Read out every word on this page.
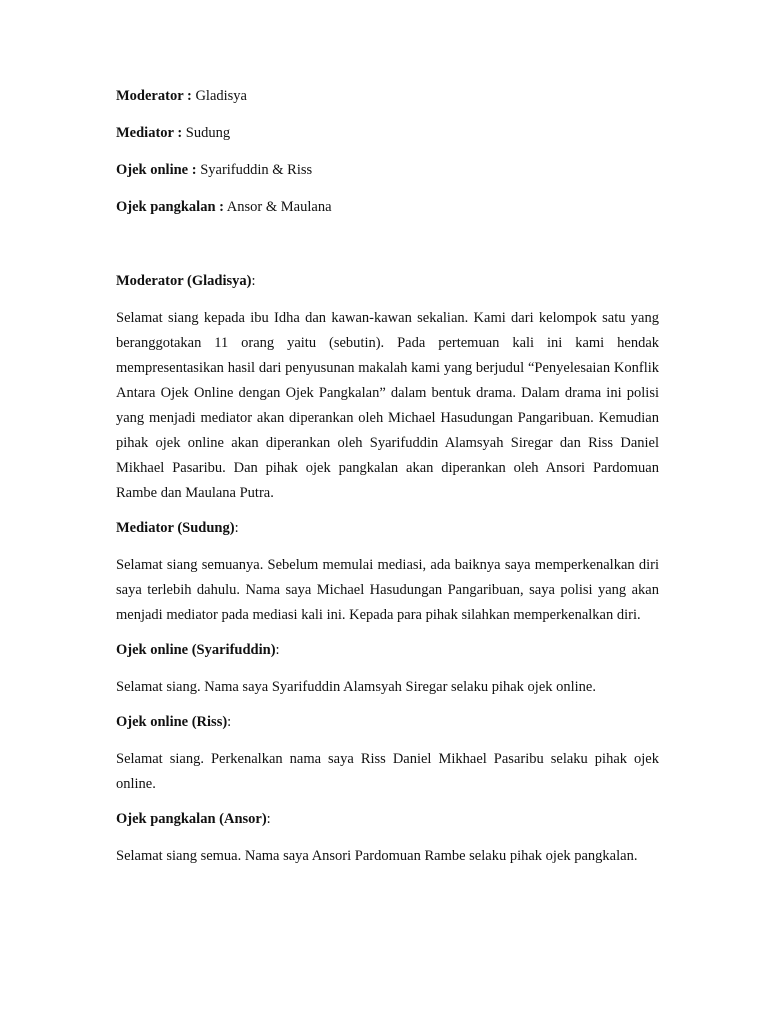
Moderator : Gladisya

Mediator : Sudung

Ojek online : Syarifuddin & Riss

Ojek pangkalan : Ansor & Maulana

Moderator (Gladisya):

Selamat siang kepada ibu Idha dan kawan-kawan sekalian. Kami dari kelompok satu yang beranggotakan 11 orang yaitu (sebutin). Pada pertemuan kali ini kami hendak mempresentasikan hasil dari penyusunan makalah kami yang berjudul “Penyelesaian Konflik Antara Ojek Online dengan Ojek Pangkalan” dalam bentuk drama. Dalam drama ini polisi yang menjadi mediator akan diperankan oleh Michael Hasudungan Pangaribuan. Kemudian pihak ojek online akan diperankan oleh Syarifuddin Alamsyah Siregar dan Riss Daniel Mikhael Pasaribu. Dan pihak ojek pangkalan akan diperankan oleh Ansori Pardomuan Rambe dan Maulana Putra.

Mediator (Sudung):

Selamat siang semuanya. Sebelum memulai mediasi, ada baiknya saya memperkenalkan diri saya terlebih dahulu. Nama saya Michael Hasudungan Pangaribuan, saya polisi yang akan menjadi mediator pada mediasi kali ini. Kepada para pihak silahkan memperkenalkan diri.

Ojek online (Syarifuddin):

Selamat siang. Nama saya Syarifuddin Alamsyah Siregar selaku pihak ojek online.

Ojek online (Riss):

Selamat siang. Perkenalkan nama saya Riss Daniel Mikhael Pasaribu selaku pihak ojek online.

Ojek pangkalan (Ansor):

Selamat siang semua. Nama saya Ansori Pardomuan Rambe selaku pihak ojek pangkalan.
